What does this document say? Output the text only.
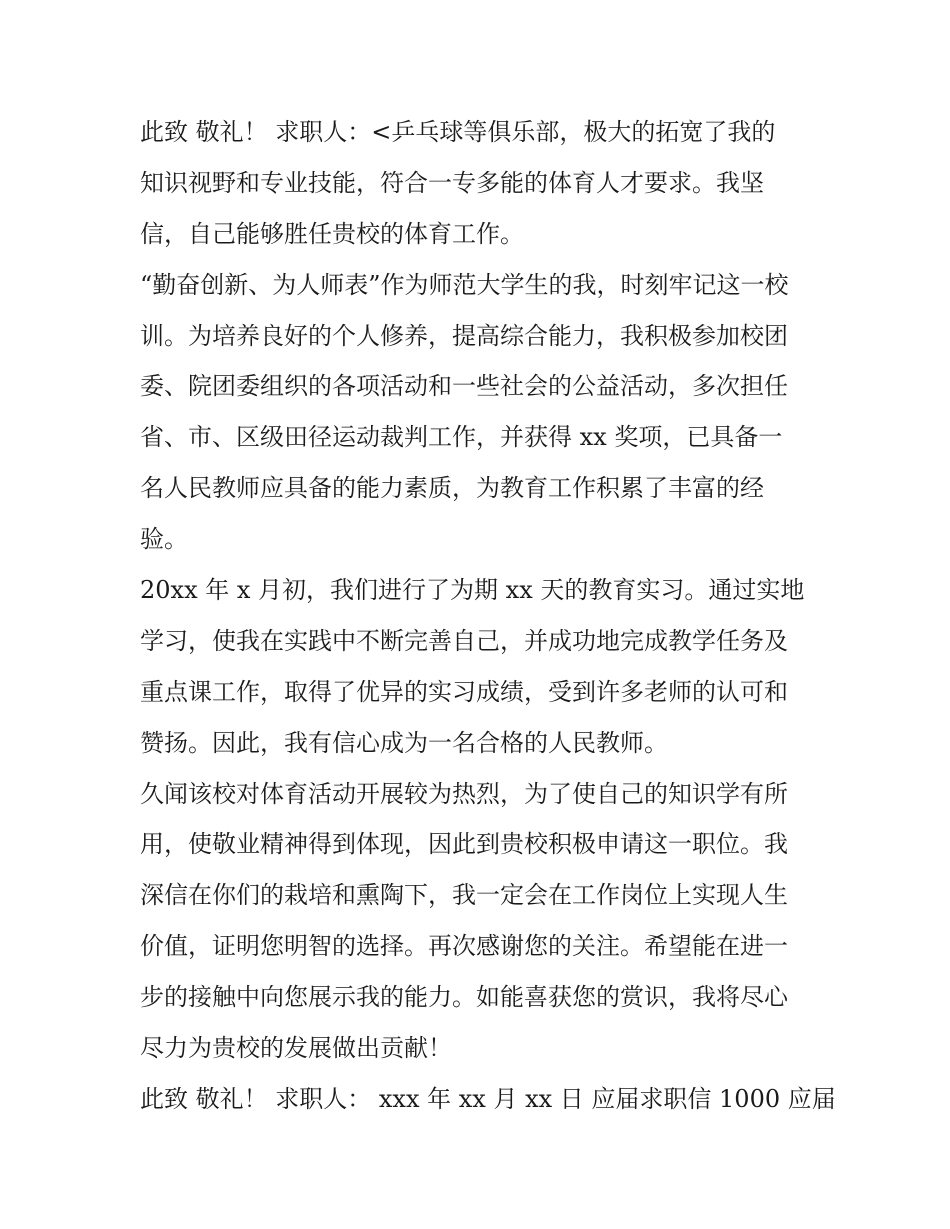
此致 敬礼！ 求职人：<乒乓球等俱乐部，极大的拓宽了我的
知识视野和专业技能，符合一专多能的体育人才要求。我坚
信，自己能够胜任贵校的体育工作。
“勤奋创新、为人师表”作为师范大学生的我，时刻牢记这一校
训。为培养良好的个人修养，提高综合能力，我积极参加校团
委、院团委组织的各项活动和一些社会的公益活动，多次担任
省、市、区级田径运动裁判工作，并获得 xx 奖项，已具备一
名人民教师应具备的能力素质，为教育工作积累了丰富的经
验。
20xx 年 x 月初，我们进行了为期 xx 天的教育实习。通过实地
学习，使我在实践中不断完善自己，并成功地完成教学任务及
重点课工作，取得了优异的实习成绩，受到许多老师的认可和
赞扬。因此，我有信心成为一名合格的人民教师。
久闻该校对体育活动开展较为热烈，为了使自己的知识学有所
用，使敬业精神得到体现，因此到贵校积极申请这一职位。我
深信在你们的栽培和熏陶下，我一定会在工作岗位上实现人生
价值，证明您明智的选择。再次感谢您的关注。希望能在进一
步的接触中向您展示我的能力。如能喜获您的赏识，我将尽心
尽力为贵校的发展做出贡献！
此致 敬礼！ 求职人： xxx 年 xx 月 xx 日 应届求职信 1000 应届
